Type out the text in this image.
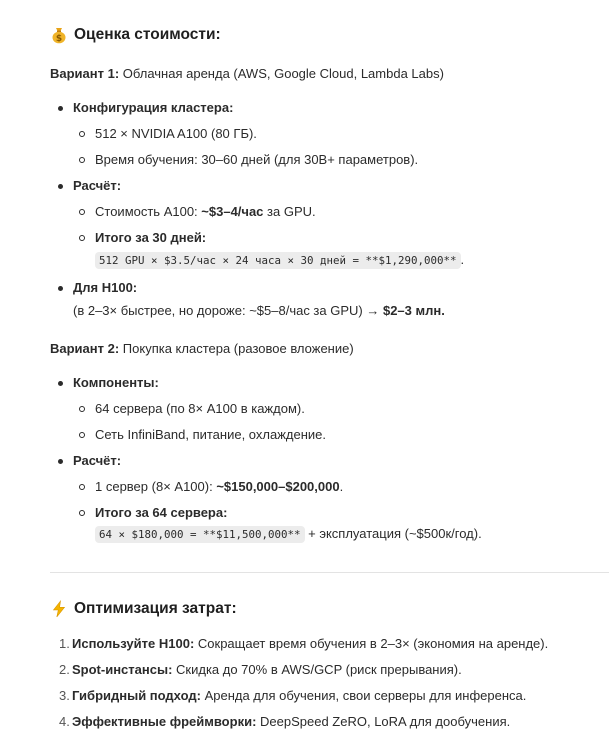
$ Оценка стоимости:
Вариант 1: Облачная аренда (AWS, Google Cloud, Lambda Labs)
Конфигурация кластера:
512 × NVIDIA A100 (80 ГБ).
Время обучения: 30–60 дней (для 30B+ параметров).
Расчёт:
Стоимость A100: ~$3–4/час за GPU.
Итого за 30 дней:
512 GPU × $3.5/час × 24 часа × 30 дней = **$1,290,000** .
Для H100:
(в 2–3× быстрее, но дороже: ~$5–8/час за GPU) → $2–3 млн.
Вариант 2: Покупка кластера (разовое вложение)
Компоненты:
64 сервера (по 8× A100 в каждом).
Сеть InfiniBand, питание, охлаждение.
Расчёт:
1 сервер (8× A100): ~$150,000–$200,000.
Итого за 64 сервера:
64 × $180,000 = **$11,500,000** + эксплуатация (~$500к/год).
Оптимизация затрат:
1. Используйте H100: Сокращает время обучения в 2–3× (экономия на аренде).
2. Spot-инстансы: Скидка до 70% в AWS/GCP (риск прерывания).
3. Гибридный подход: Аренда для обучения, свои серверы для инференса.
4. Эффективные фреймворки: DeepSpeed ZeRO, LoRA для дообучения.
